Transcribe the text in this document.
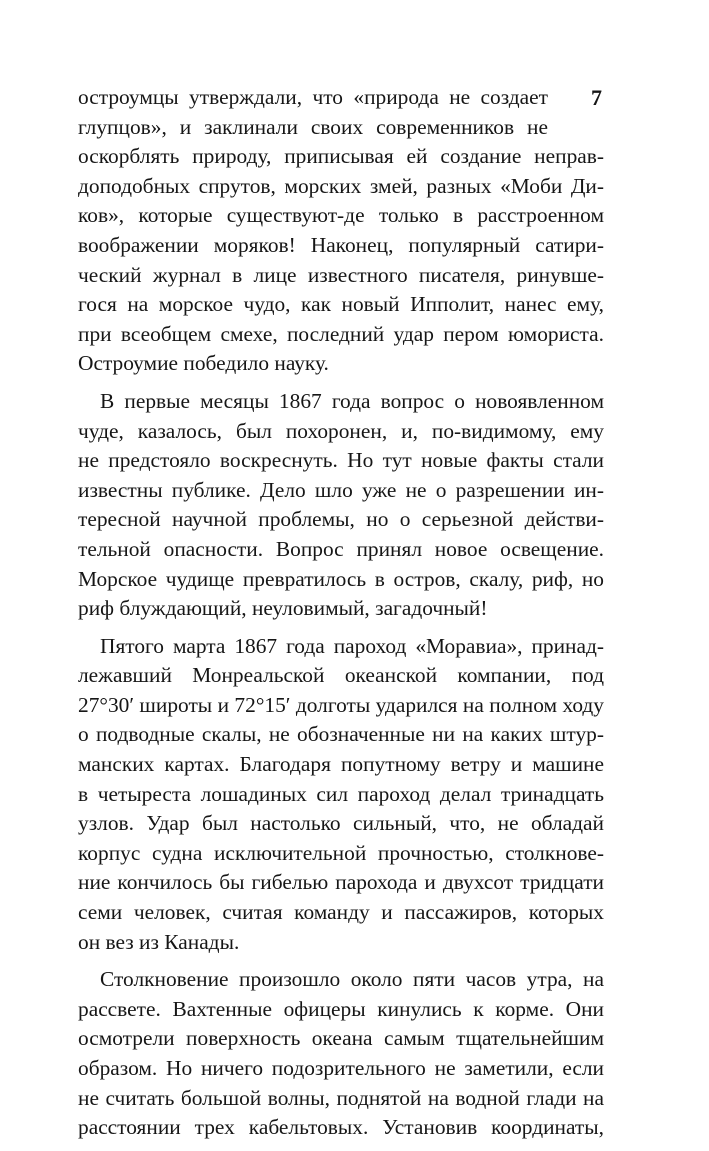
7
остроумцы утверждали, что «природа не создает
глупцов», и заклинали своих современников не
оскорблять природу, приписывая ей создание неправ-
доподобных спрутов, морских змей, разных «Моби Ди-
ков», которые существуют-де только в расстроенном
воображении моряков! Наконец, популярный сатири-
ческий журнал в лице известного писателя, ринувше-
гося на морское чудо, как новый Ипполит, нанес ему,
при всеобщем смехе, последний удар пером юмориста.
Остроумие победило науку.
В первые месяцы 1867 года вопрос о новоявленном
чуде, казалось, был похоронен, и, по-видимому, ему
не предстояло воскреснуть. Но тут новые факты стали
известны публике. Дело шло уже не о разрешении ин-
тересной научной проблемы, но о серьезной действи-
тельной опасности. Вопрос принял новое освещение.
Морское чудище превратилось в остров, скалу, риф, но
риф блуждающий, неуловимый, загадочный!
Пятого марта 1867 года пароход «Моравиа», принад-
лежавший Монреальской океанской компании, под
27°30′ широты и 72°15′ долготы ударился на полном ходу
о подводные скалы, не обозначенные ни на каких штур-
манских картах. Благодаря попутному ветру и машине
в четыреста лошадиных сил пароход делал тринадцать
узлов. Удар был настолько сильный, что, не обладай
корпус судна исключительной прочностью, столкнове-
ние кончилось бы гибелью парохода и двухсот тридцати
семи человек, считая команду и пассажиров, которых
он вез из Канады.
Столкновение произошло около пяти часов утра, на
рассвете. Вахтенные офицеры кинулись к корме. Они
осмотрели поверхность океана самым тщательнейшим
образом. Но ничего подозрительного не заметили, если
не считать большой волны, поднятой на водной глади на
расстоянии трех кабельтовых. Установив координаты,
